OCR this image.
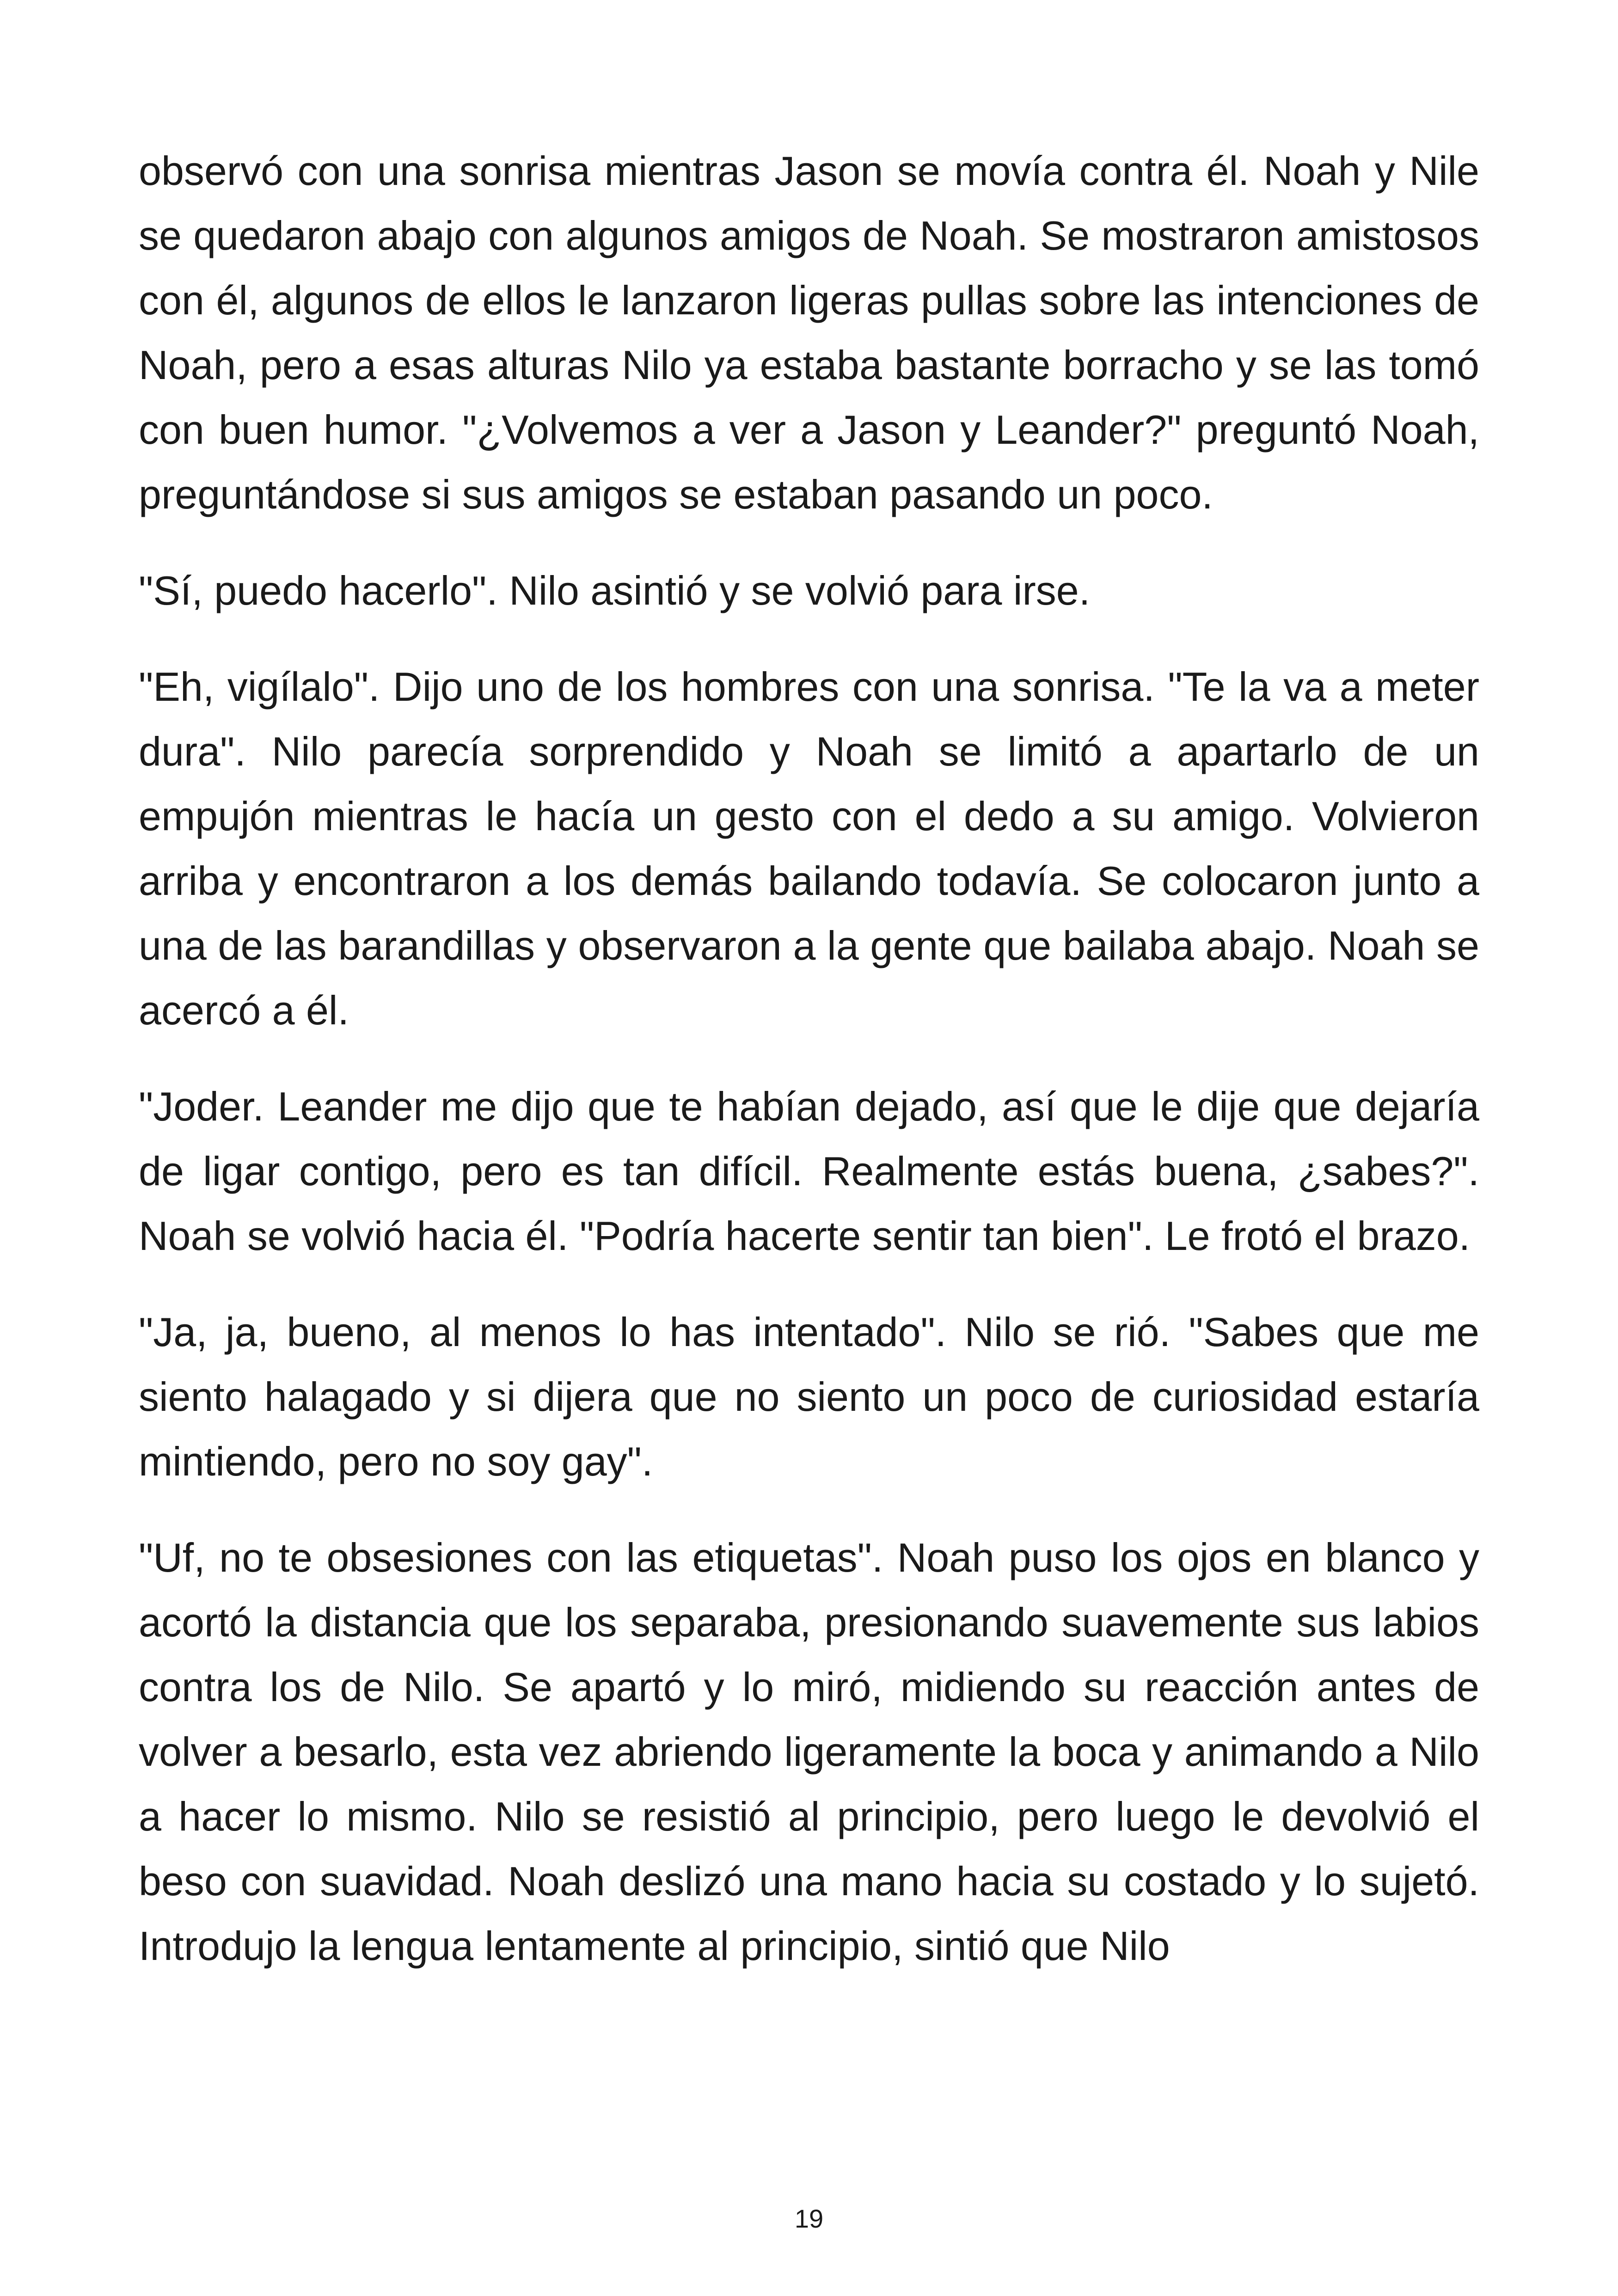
observó con una sonrisa mientras Jason se movía contra él. Noah y Nile se quedaron abajo con algunos amigos de Noah. Se mostraron amistosos con él, algunos de ellos le lanzaron ligeras pullas sobre las intenciones de Noah, pero a esas alturas Nilo ya estaba bastante borracho y se las tomó con buen humor. "¿Volvemos a ver a Jason y Leander?" preguntó Noah, preguntándose si sus amigos se estaban pasando un poco.

"Sí, puedo hacerlo". Nilo asintió y se volvió para irse.

"Eh, vigílalo". Dijo uno de los hombres con una sonrisa. "Te la va a meter dura". Nilo parecía sorprendido y Noah se limitó a apartarlo de un empujón mientras le hacía un gesto con el dedo a su amigo. Volvieron arriba y encontraron a los demás bailando todavía. Se colocaron junto a una de las barandillas y observaron a la gente que bailaba abajo. Noah se acercó a él.

"Joder. Leander me dijo que te habían dejado, así que le dije que dejaría de ligar contigo, pero es tan difícil. Realmente estás buena, ¿sabes?". Noah se volvió hacia él. "Podría hacerte sentir tan bien". Le frotó el brazo.

"Ja, ja, bueno, al menos lo has intentado". Nilo se rió. "Sabes que me siento halagado y si dijera que no siento un poco de curiosidad estaría mintiendo, pero no soy gay".

"Uf, no te obsesiones con las etiquetas". Noah puso los ojos en blanco y acortó la distancia que los separaba, presionando suavemente sus labios contra los de Nilo. Se apartó y lo miró, midiendo su reacción antes de volver a besarlo, esta vez abriendo ligeramente la boca y animando a Nilo a hacer lo mismo. Nilo se resistió al principio, pero luego le devolvió el beso con suavidad. Noah deslizó una mano hacia su costado y lo sujetó. Introdujo la lengua lentamente al principio, sintió que Nilo

19
